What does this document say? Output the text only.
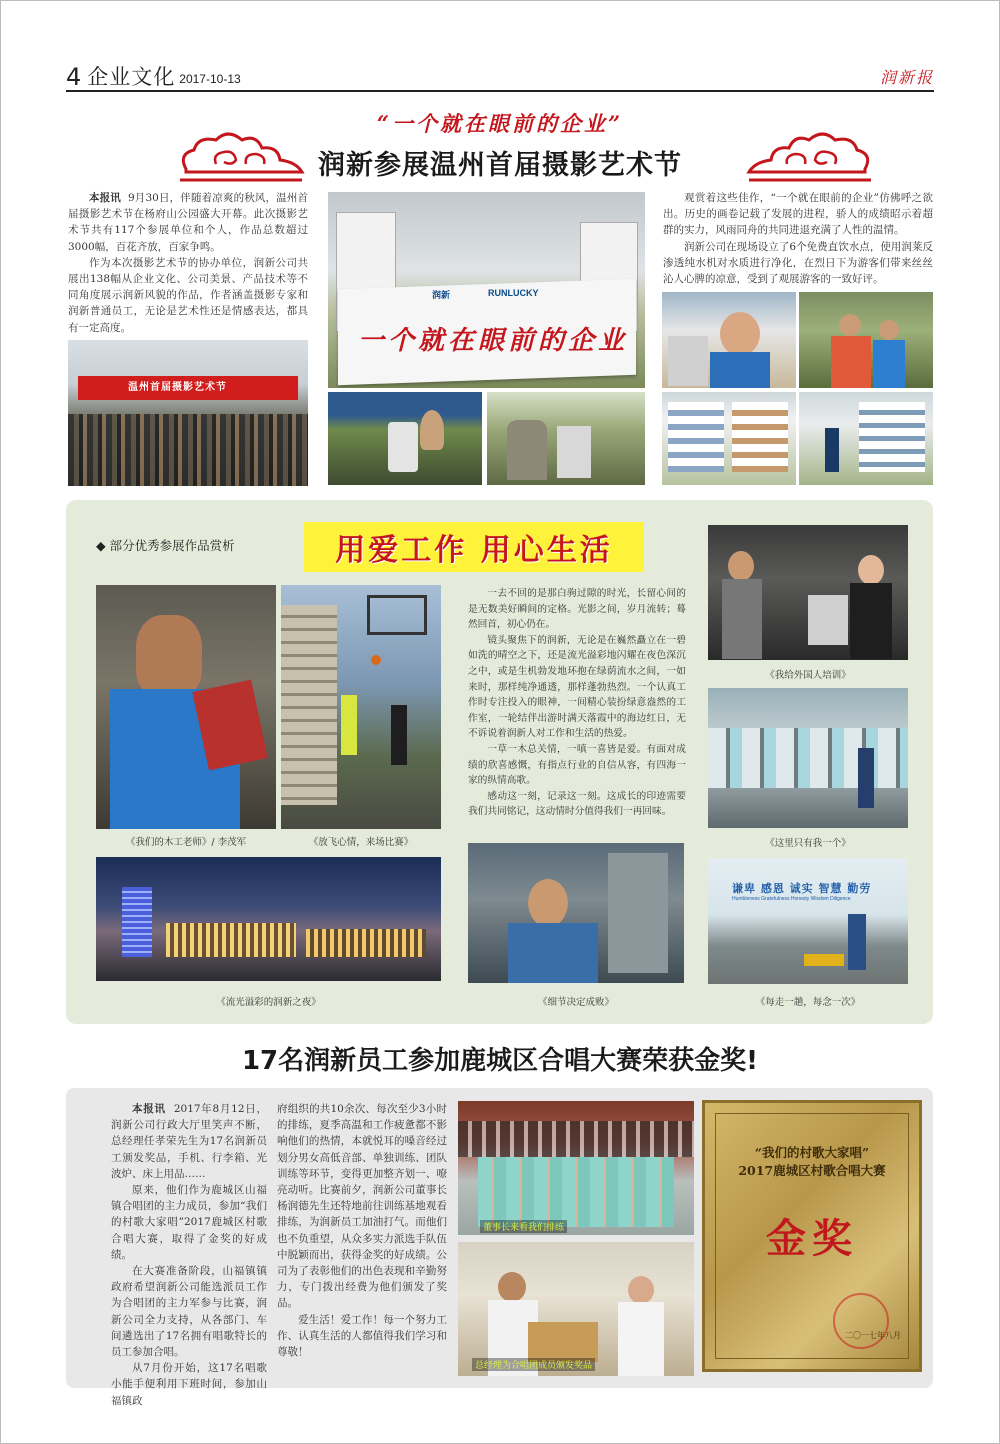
4 企业文化 2017-10-13	润新报
“一个就在眼前的企业”
润新参展温州首届摄影艺术节

本报讯 9月30日，伴随着凉爽的秋风，温州首届摄影艺术节在杨府山公园盛大开幕。此次摄影艺术节共有117个参展单位和个人，作品总数超过3000幅，百花齐放，百家争鸣。

作为本次摄影艺术节的协办单位，润新公司共展出138幅从企业文化、公司美景、产品技术等不同角度展示润新风貌的作品，作者涵盖摄影专家和润新普通员工，无论是艺术性还是情感表达，都具有一定高度。

温州首届摄影艺术节
润新	RUNLUCKY
一个就在眼前的企业

观赏着这些佳作，“一个就在眼前的企业”仿佛呼之欲出。历史的画卷记载了发展的进程，骄人的成绩昭示着超群的实力，风雨同舟的共同进退充满了人性的温情。

润新公司在现场设立了6个免费直饮水点，使用润莱反渗透纯水机对水质进行净化，在烈日下为游客们带来丝丝沁人心脾的凉意，受到了观展游客的一致好评。

◆ 部分优秀参展作品赏析	用爱工作 用心生活
《我们的木工老师》/ 李茂军	《放飞心情，来场比赛》
《流光溢彩的润新之夜》

一去不回的是那白驹过隙的时光，长留心间的是无数美好瞬间的定格。光影之间，岁月流转；蓦然回首，初心仍在。

镜头聚焦下的润新，无论是在巍然矗立在一碧如洗的晴空之下，还是流光溢彩地闪耀在夜色深沉之中，或是生机勃发地环抱在绿荫流水之间，一如来时，那样纯净通透，那样蓬勃热烈。一个认真工作时专注投入的眼神，一间精心装扮绿意盎然的工作室，一轮结伴出游时满天落霞中的海边红日，无不诉说着润新人对工作和生活的热爱。

一草一木总关情，一嗔一喜皆是爱。有面对成绩的欣喜感慨，有指点行业的自信从容，有四海一家的纵情高歌。

感动这一刻，记录这一刻。这成长的印迹需要我们共同铭记，这动情时分值得我们一再回味。

《细节决定成败》
《我给外国人培训》
《这里只有我一个》
谦卑 感恩 诚实 智慧 勤劳
Humbleness Gratefulness Honesty Wisdom Diligence
《每走一趟，每念一次》
17名润新员工参加鹿城区合唱大赛荣获金奖!

本报讯 2017年8月12日，润新公司行政大厅里笑声不断，总经理任孝荣先生为17名润新员工颁发奖品，手机、行李箱、光波炉、床上用品……

原来，他们作为鹿城区山福镇合唱团的主力成员，参加“我们的村歌大家唱”2017鹿城区村歌合唱大赛，取得了金奖的好成绩。

在大赛准备阶段，山福镇镇政府希望润新公司能选派员工作为合唱团的主力军参与比赛，润新公司全力支持，从各部门、车间遴选出了17名拥有唱歌特长的员工参加合唱。

从7月份开始，这17名唱歌小能手便利用下班时间，参加山福镇政

府组织的共10余次、每次至少3小时的排练，夏季高温和工作疲惫都不影响他们的热情，本就悦耳的嗓音经过划分男女高低音部、单独训练、团队训练等环节，变得更加整齐划一、嘹亮动听。比赛前夕，润新公司董事长杨润德先生还特地前往训练基地观看排练，为润新员工加油打气。而他们也不负重望，从众多实力派选手队伍中脱颖而出，获得金奖的好成绩。公司为了表彰他们的出色表现和辛勤努力，专门拨出经费为他们颁发了奖品。

爱生活！爱工作！每一个努力工作、认真生活的人都值得我们学习和尊敬！

董事长来看我们排练
总经理为合唱团成员颁发奖品
“我们的村歌大家唱”
2017鹿城区村歌合唱大赛
金奖
二〇一七年八月
